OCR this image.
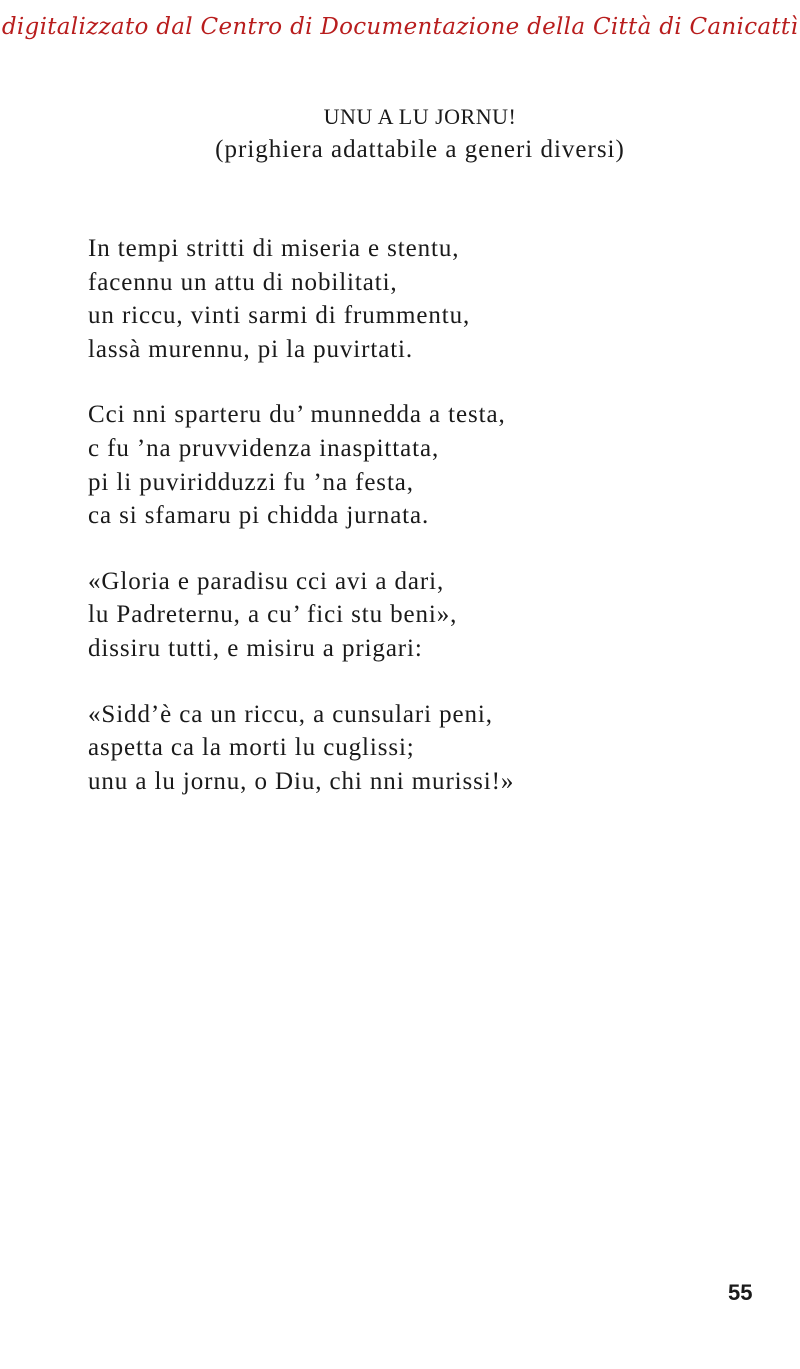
digitalizzato dal Centro di Documentazione della Città di Canicattì
UNU A LU JORNU!
(prighiera adattabile a generi diversi)
In tempi stritti di miseria e stentu,
facennu un attu di nobilitati,
un riccu, vinti sarmi di frummentu,
lassà murennu, pi la puvirtati.
Cci nni sparteru du’ munnedda a testa,
c fu ’na pruvvidenza inaspittata,
pi li puviridduzzi fu ’na festa,
ca si sfamaru pi chidda jurnata.
«Gloria e paradisu cci avi a dari,
lu Padreternu, a cu’ fici stu beni»,
dissiru tutti, e misiru a prigari:
«Sidd’è ca un riccu, a cunsulari peni,
aspetta ca la morti lu cuglissi;
unu a lu jornu, o Diu, chi nni murissi!»
55
